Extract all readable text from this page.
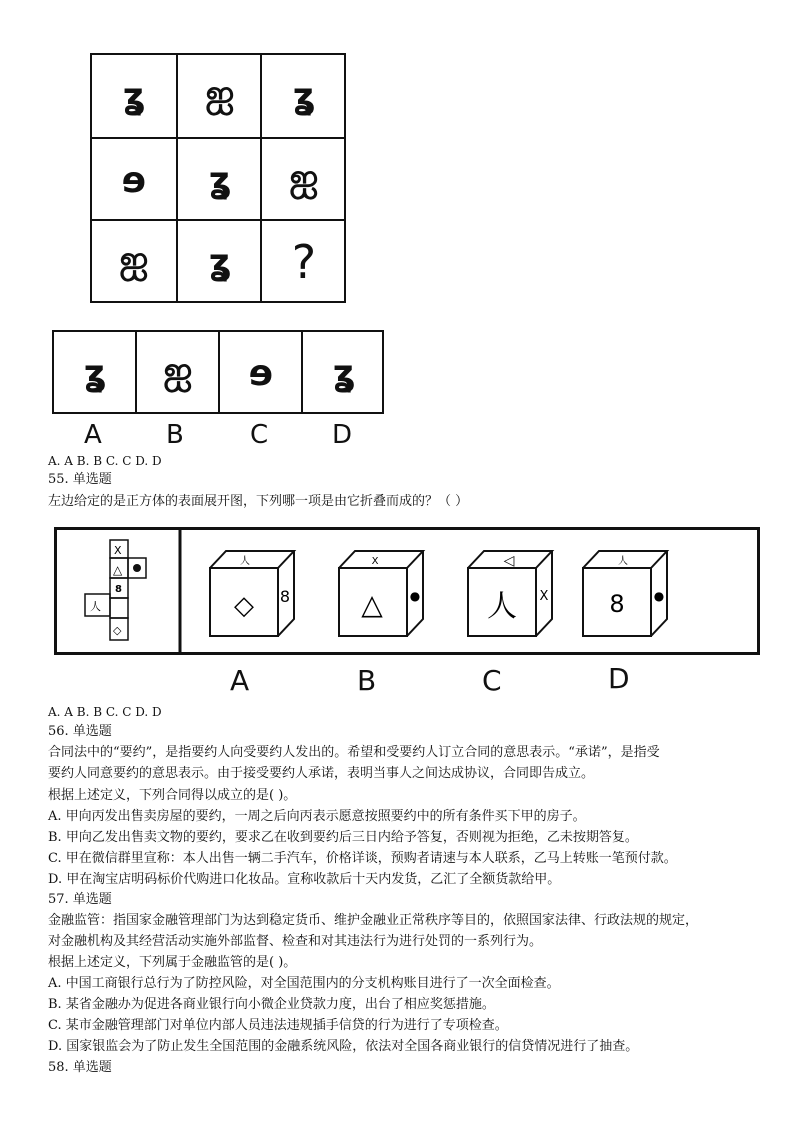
ʓ	ஐ	ʓ
ɘ	ʓ	ஐ
ஐ	ʓ	?
ʓ	ஐ	ɘ	ʓ
A B	C D
A. A B. B C. C D. D
55. 单选题
左边给定的是正方体的表面展开图，下列哪一项是由它折叠而成的？（ ）
X
△
8
人
◇
人
◇ 8
X
△ ●
◁
人 X
人
8 ●
A	B	C	D
A. A B. B C. C D. D
56. 单选题
合同法中的“要约”，是指要约人向受要约人发出的。希望和受要约人订立合同的意思表示。“承诺”，是指受
要约人同意要约的意思表示。由于接受要约人承诺，表明当事人之间达成协议，合同即告成立。
根据上述定义，下列合同得以成立的是( )。
A. 甲向丙发出售卖房屋的要约，一周之后向丙表示愿意按照要约中的所有条件买下甲的房子。
B. 甲向乙发出售卖文物的要约，要求乙在收到要约后三日内给予答复，否则视为拒绝，乙未按期答复。
C. 甲在微信群里宣称：本人出售一辆二手汽车，价格详谈，预购者请速与本人联系，乙马上转账一笔预付款。
D. 甲在淘宝店明码标价代购进口化妆品。宣称收款后十天内发货，乙汇了全额货款给甲。
57. 单选题
金融监管：指国家金融管理部门为达到稳定货币、维护金融业正常秩序等目的，依照国家法律、行政法规的规定，
对金融机构及其经营活动实施外部监督、检查和对其违法行为进行处罚的一系列行为。
根据上述定义，下列属于金融监管的是( )。
A. 中国工商银行总行为了防控风险，对全国范围内的分支机构账目进行了一次全面检查。
B. 某省金融办为促进各商业银行向小微企业贷款力度，出台了相应奖惩措施。
C. 某市金融管理部门对单位内部人员违法违规插手信贷的行为进行了专项检查。
D. 国家银监会为了防止发生全国范围的金融系统风险，依法对全国各商业银行的信贷情况进行了抽查。
58. 单选题
